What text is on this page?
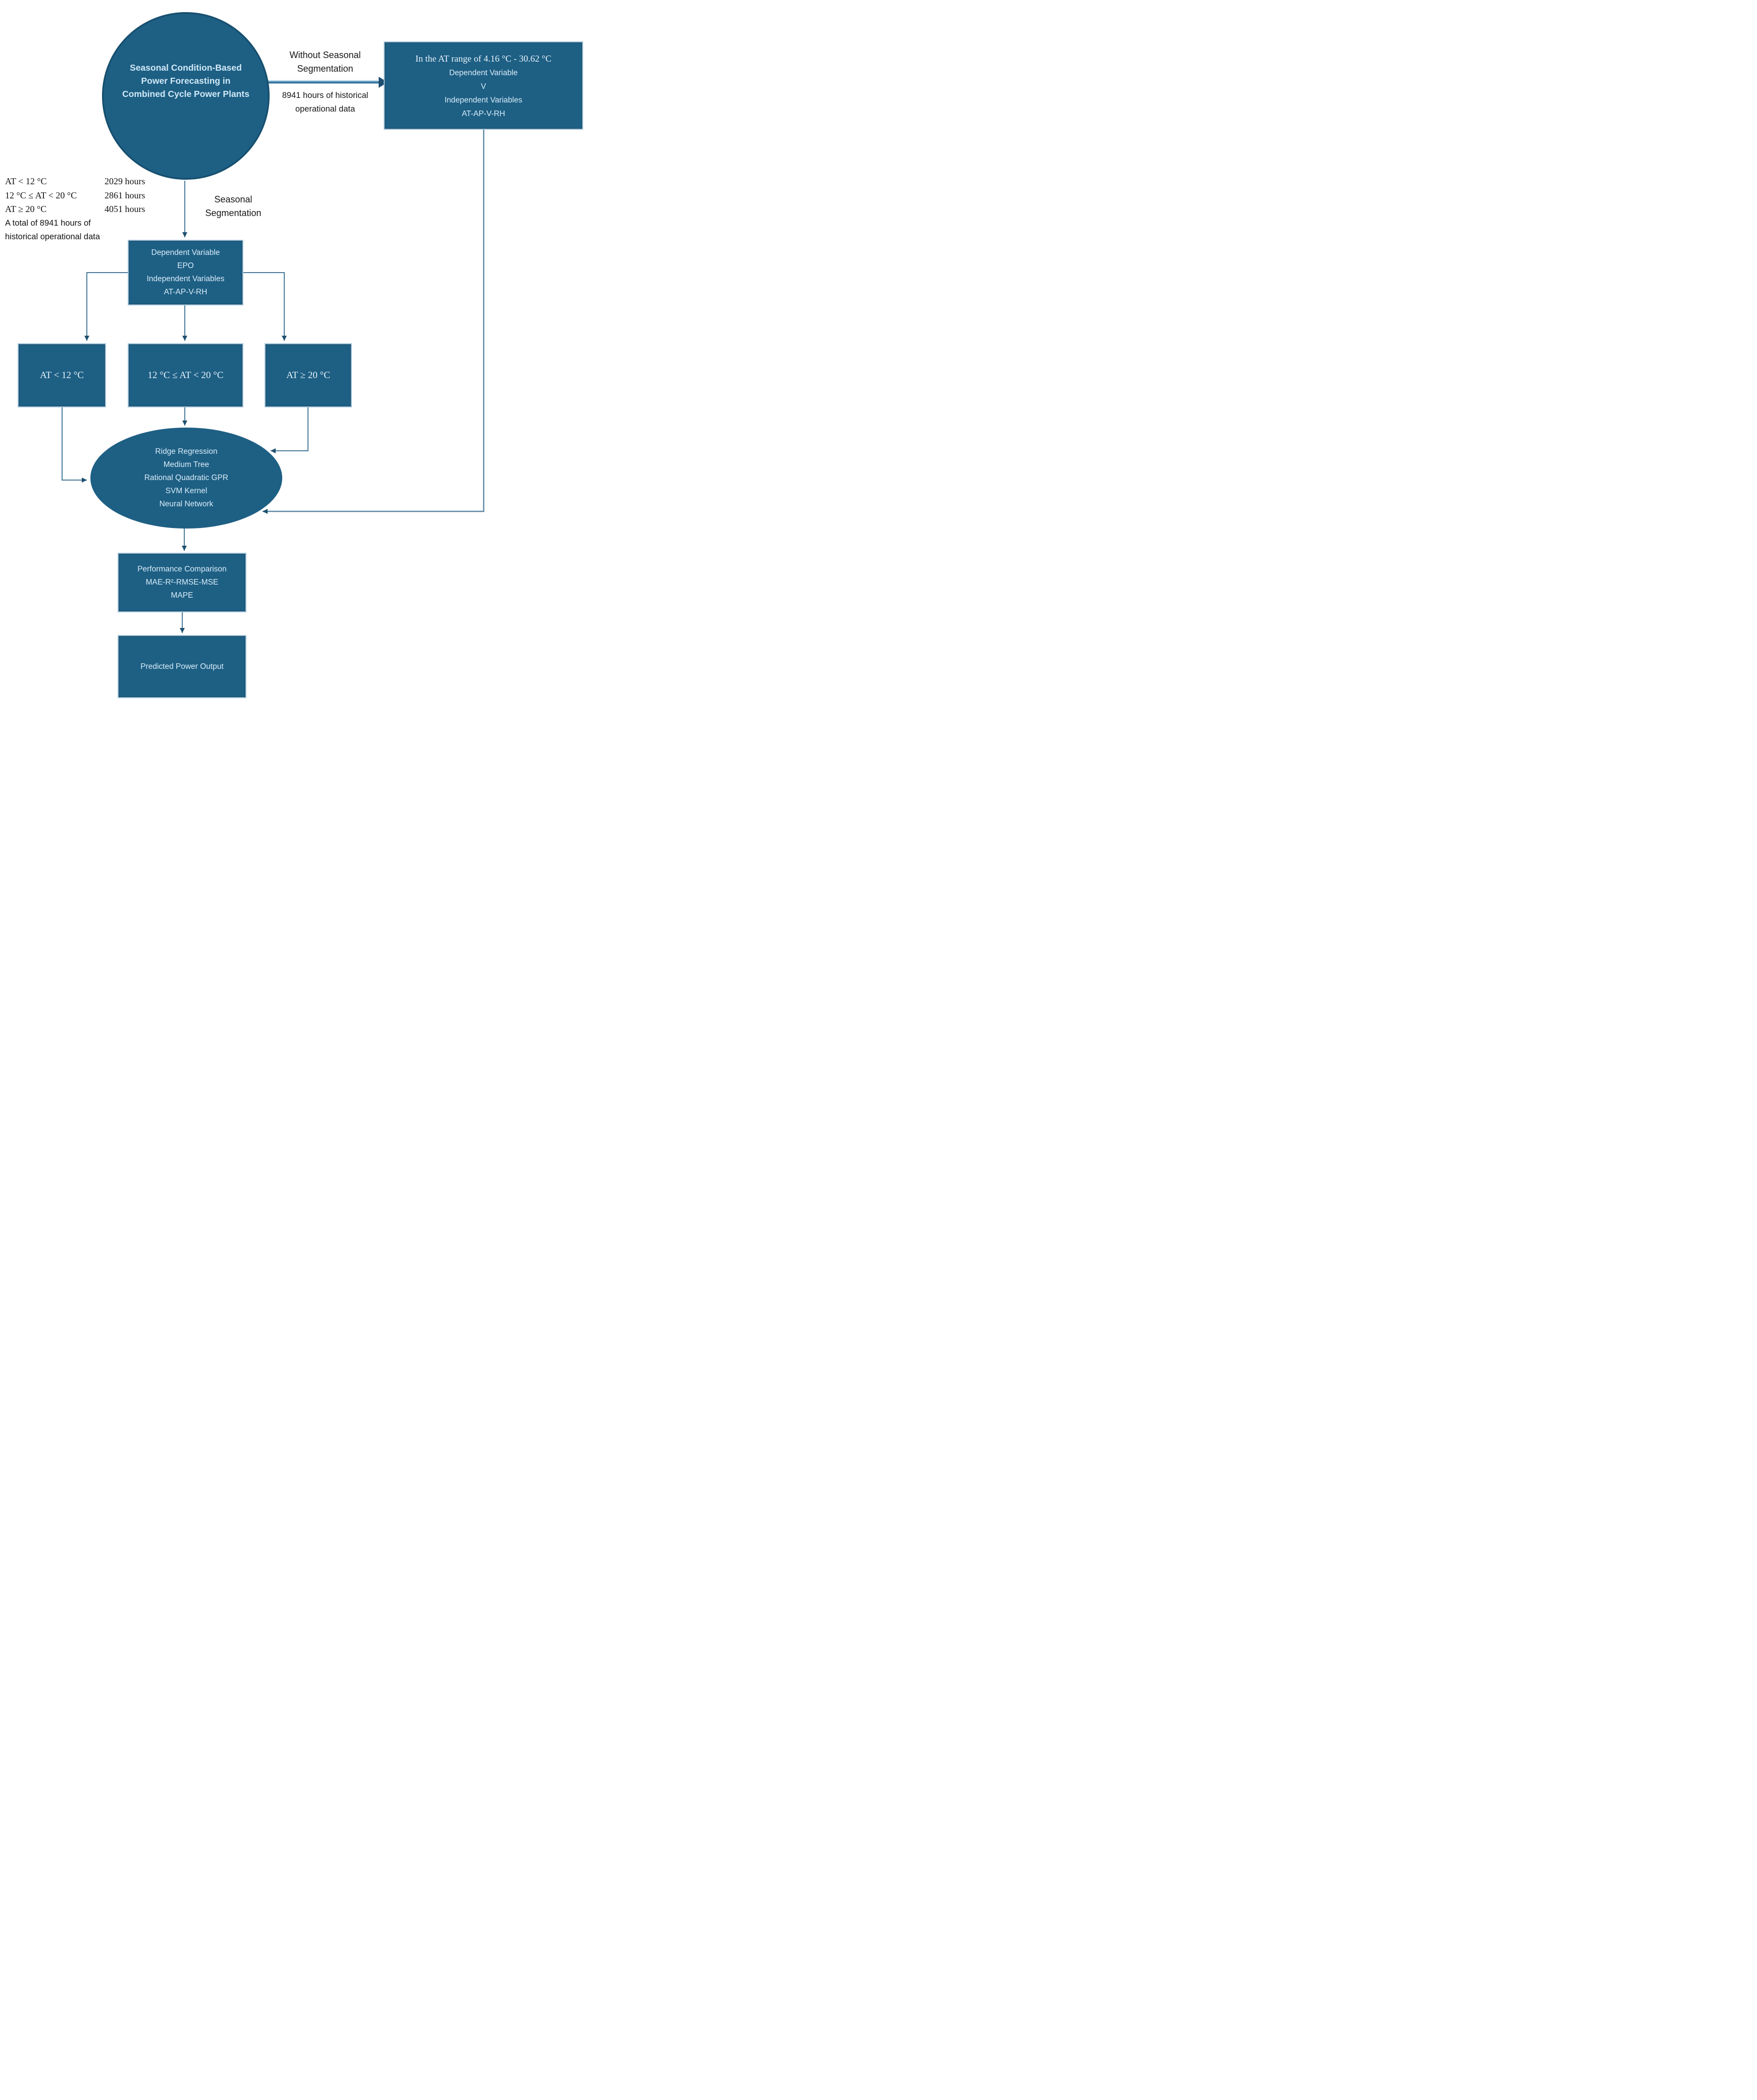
Seasonal Condition-Based Power Forecasting in Combined Cycle Power Plants
Without Seasonal
Segmentation
8941 hours of historical
operational data
In the AT range of 4.16 °C - 30.62 °C
Dependent Variable
V
Independent Variables
AT-AP-V-RH
AT < 12 °C	2029 hours
12 °C ≤ AT < 20 °C	2861 hours
AT ≥ 20 °C	4051 hours
A total of 8941 hours of
historical operational data
Seasonal
Segmentation
Dependent Variable
EPO
Independent Variables
AT-AP-V-RH
AT < 12 °C	12 °C ≤ AT < 20 °C	AT ≥ 20 °C
Ridge Regression
Medium Tree
Rational Quadratic GPR
SVM Kernel
Neural Network
Performance Comparison
MAE-R²-RMSE-MSE
MAPE
Predicted Power Output
